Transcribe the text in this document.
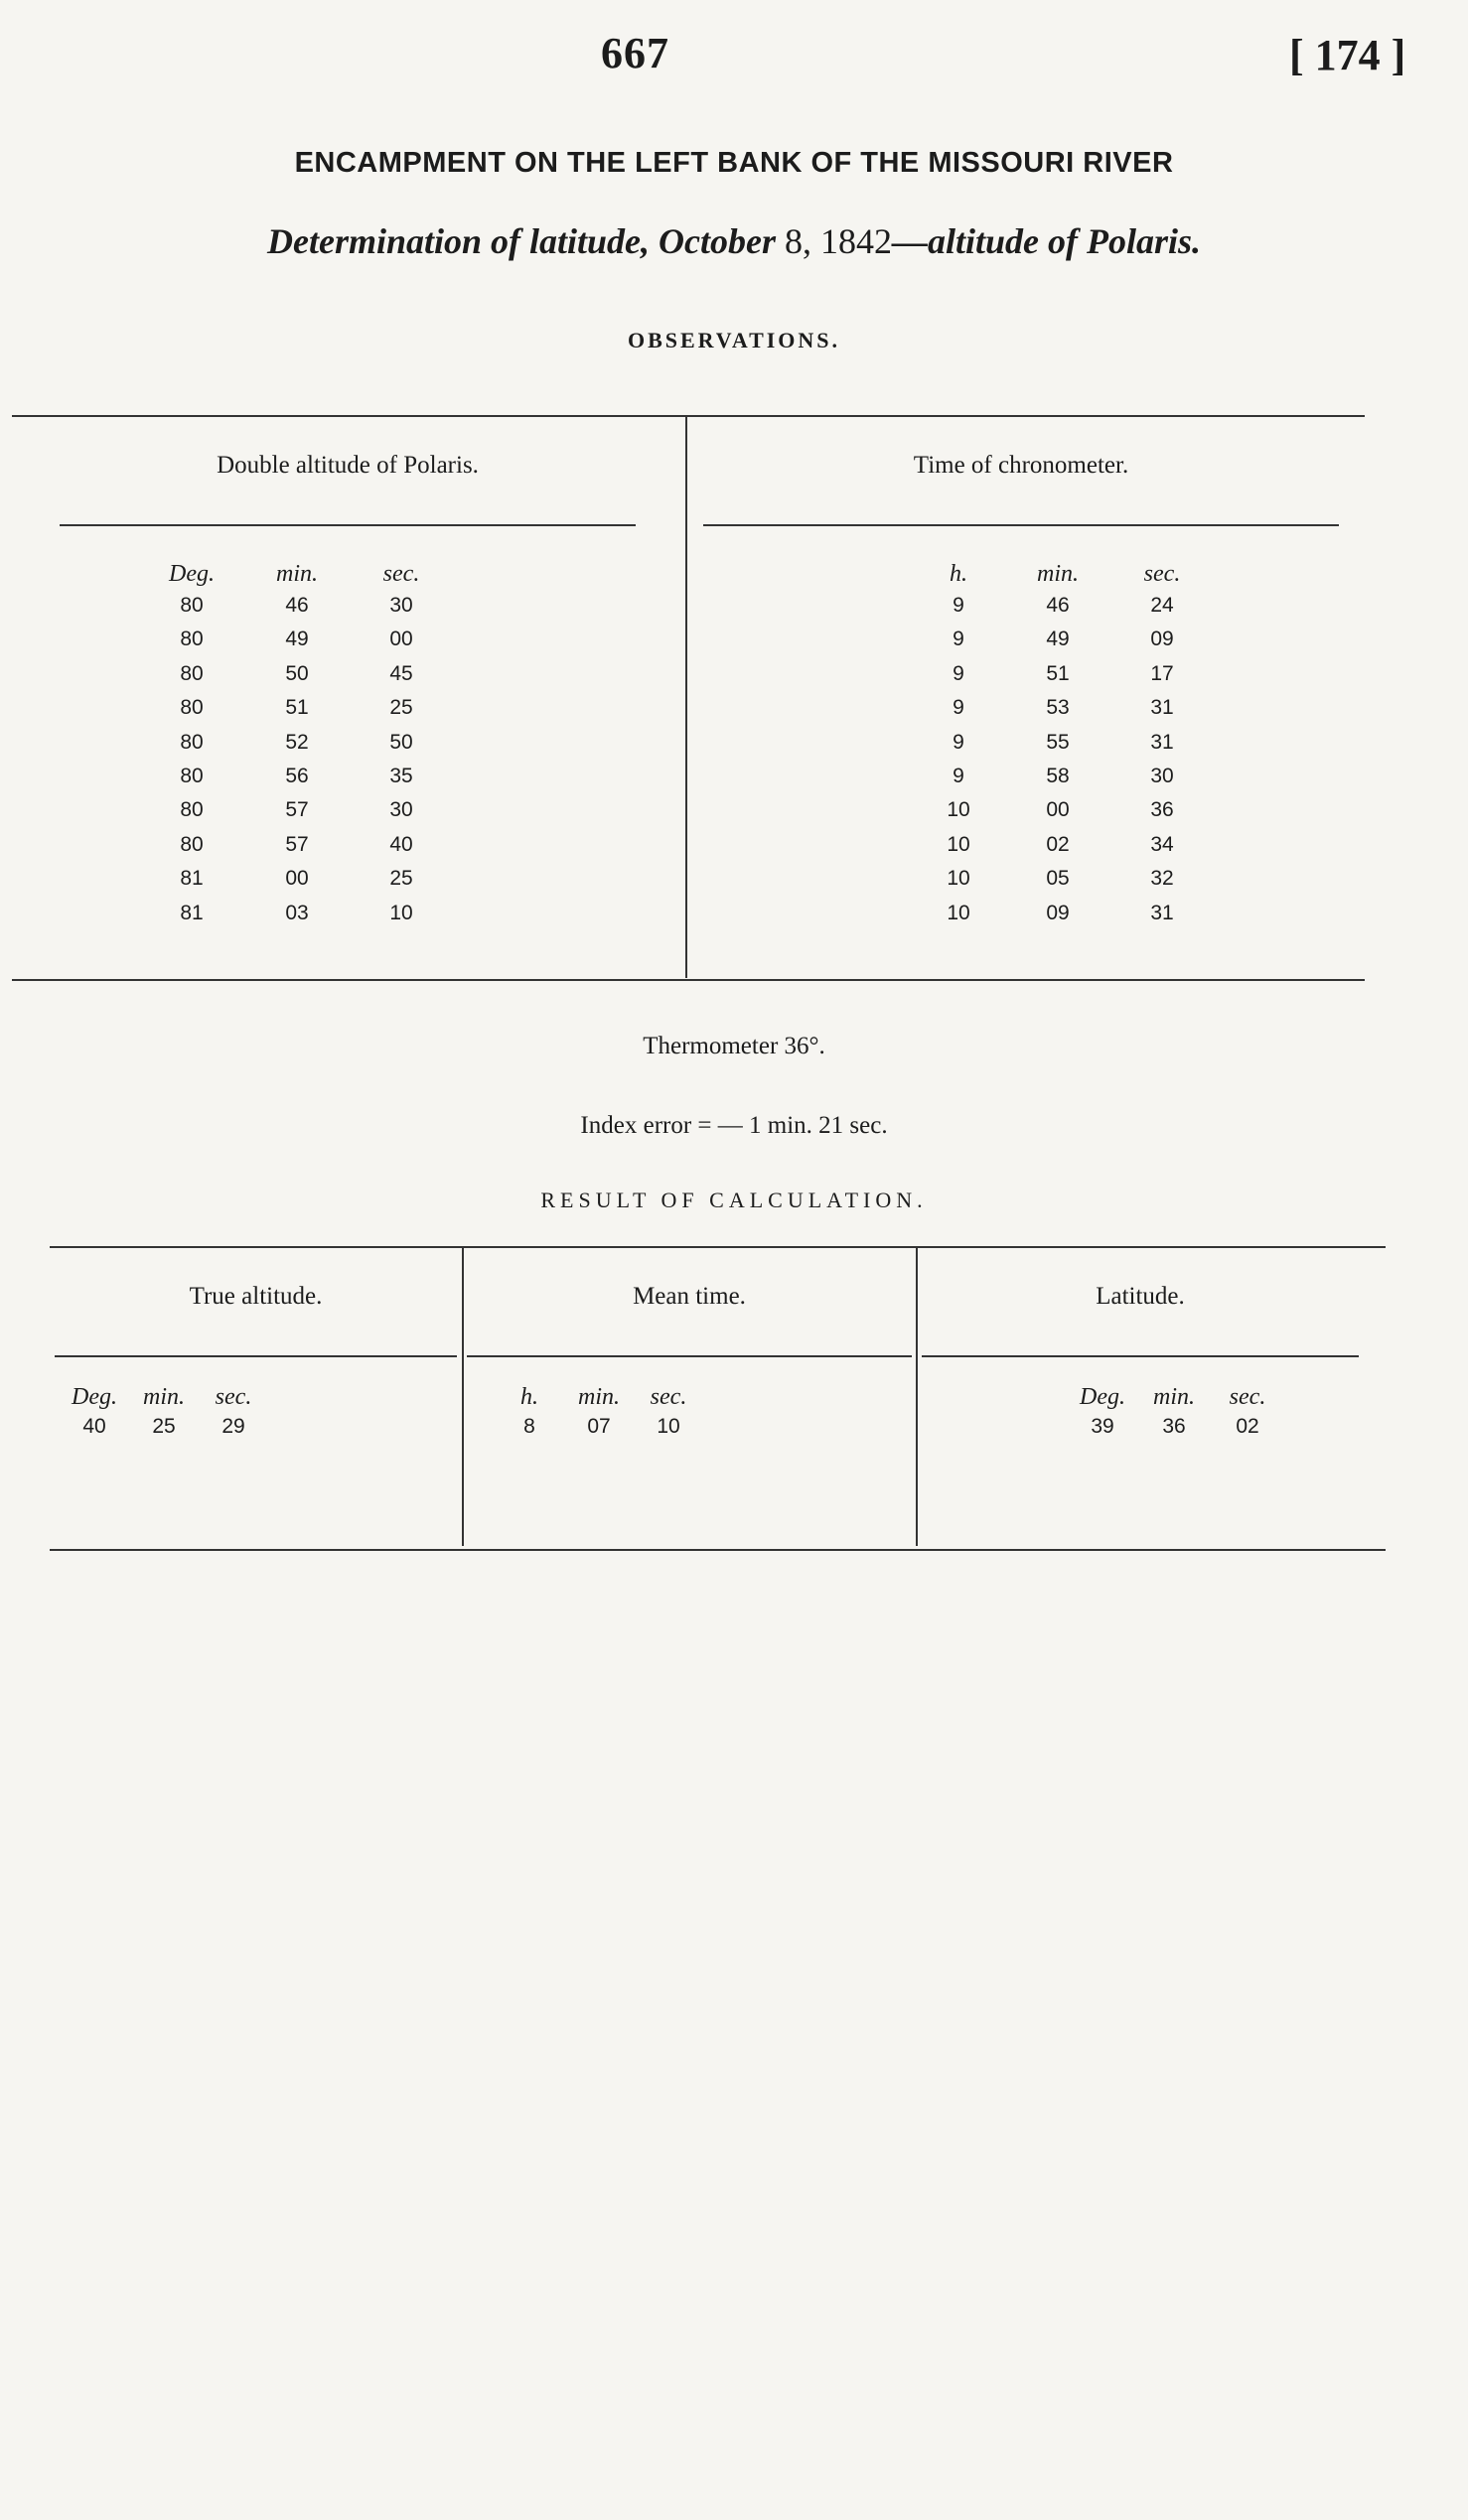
667	[ 174 ]
ENCAMPMENT ON THE LEFT BANK OF THE MISSOURI RIVER
Determination of latitude, October 8, 1842—altitude of Polaris.
OBSERVATIONS.
Double altitude of Polaris.	Time of chronometer.
Deg.	min.	sec.	h.	min.	sec.
80	46	30	9	46	24
80	49	00	9	49	09
80	50	45	9	51	17
80	51	25	9	53	31
80	52	50	9	55	31
80	56	35	9	58	30
80	57	30	10	00	36
80	57	40	10	02	34
81	00	25	10	05	32
81	03	10	10	09	31
Thermometer 36°.
Index error = — 1 min. 21 sec.
RESULT OF CALCULATION.
True altitude.	Mean time.	Latitude.
Deg.	min.	sec.	h.	min.	sec.	Deg.	min.	sec.
40	25	29	8	07	10	39	36	02
